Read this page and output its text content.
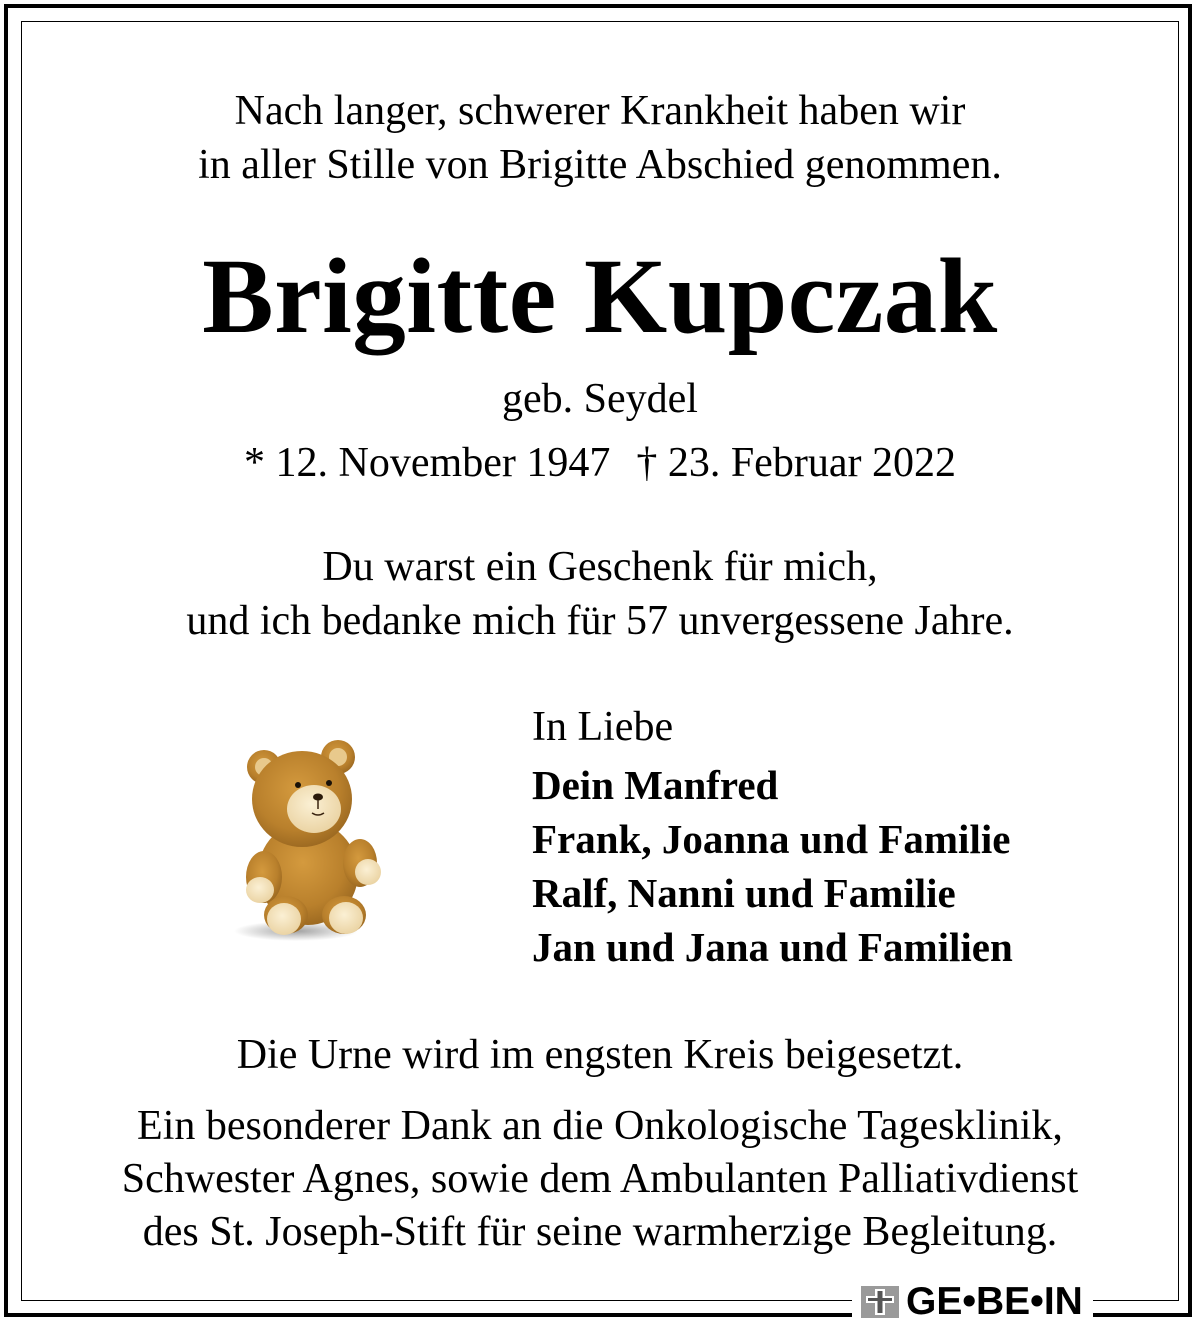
Nach langer, schwerer Krankheit haben wir
in aller Stille von Brigitte Abschied genommen.
Brigitte Kupczak
geb. Seydel
* 12. November 1947 † 23. Februar 2022
Du warst ein Geschenk für mich,
und ich bedanke mich für 57 unvergessene Jahre.
In Liebe
Dein Manfred
Frank, Joanna und Familie
Ralf, Nanni und Familie
Jan und Jana und Familien
Die Urne wird im engsten Kreis beigesetzt.
Ein besonderer Dank an die Onkologische Tagesklinik,
Schwester Agnes, sowie dem Ambulanten Palliativdienst
des St. Joseph-Stift für seine warmherzige Begleitung.
GE•BE•IN
